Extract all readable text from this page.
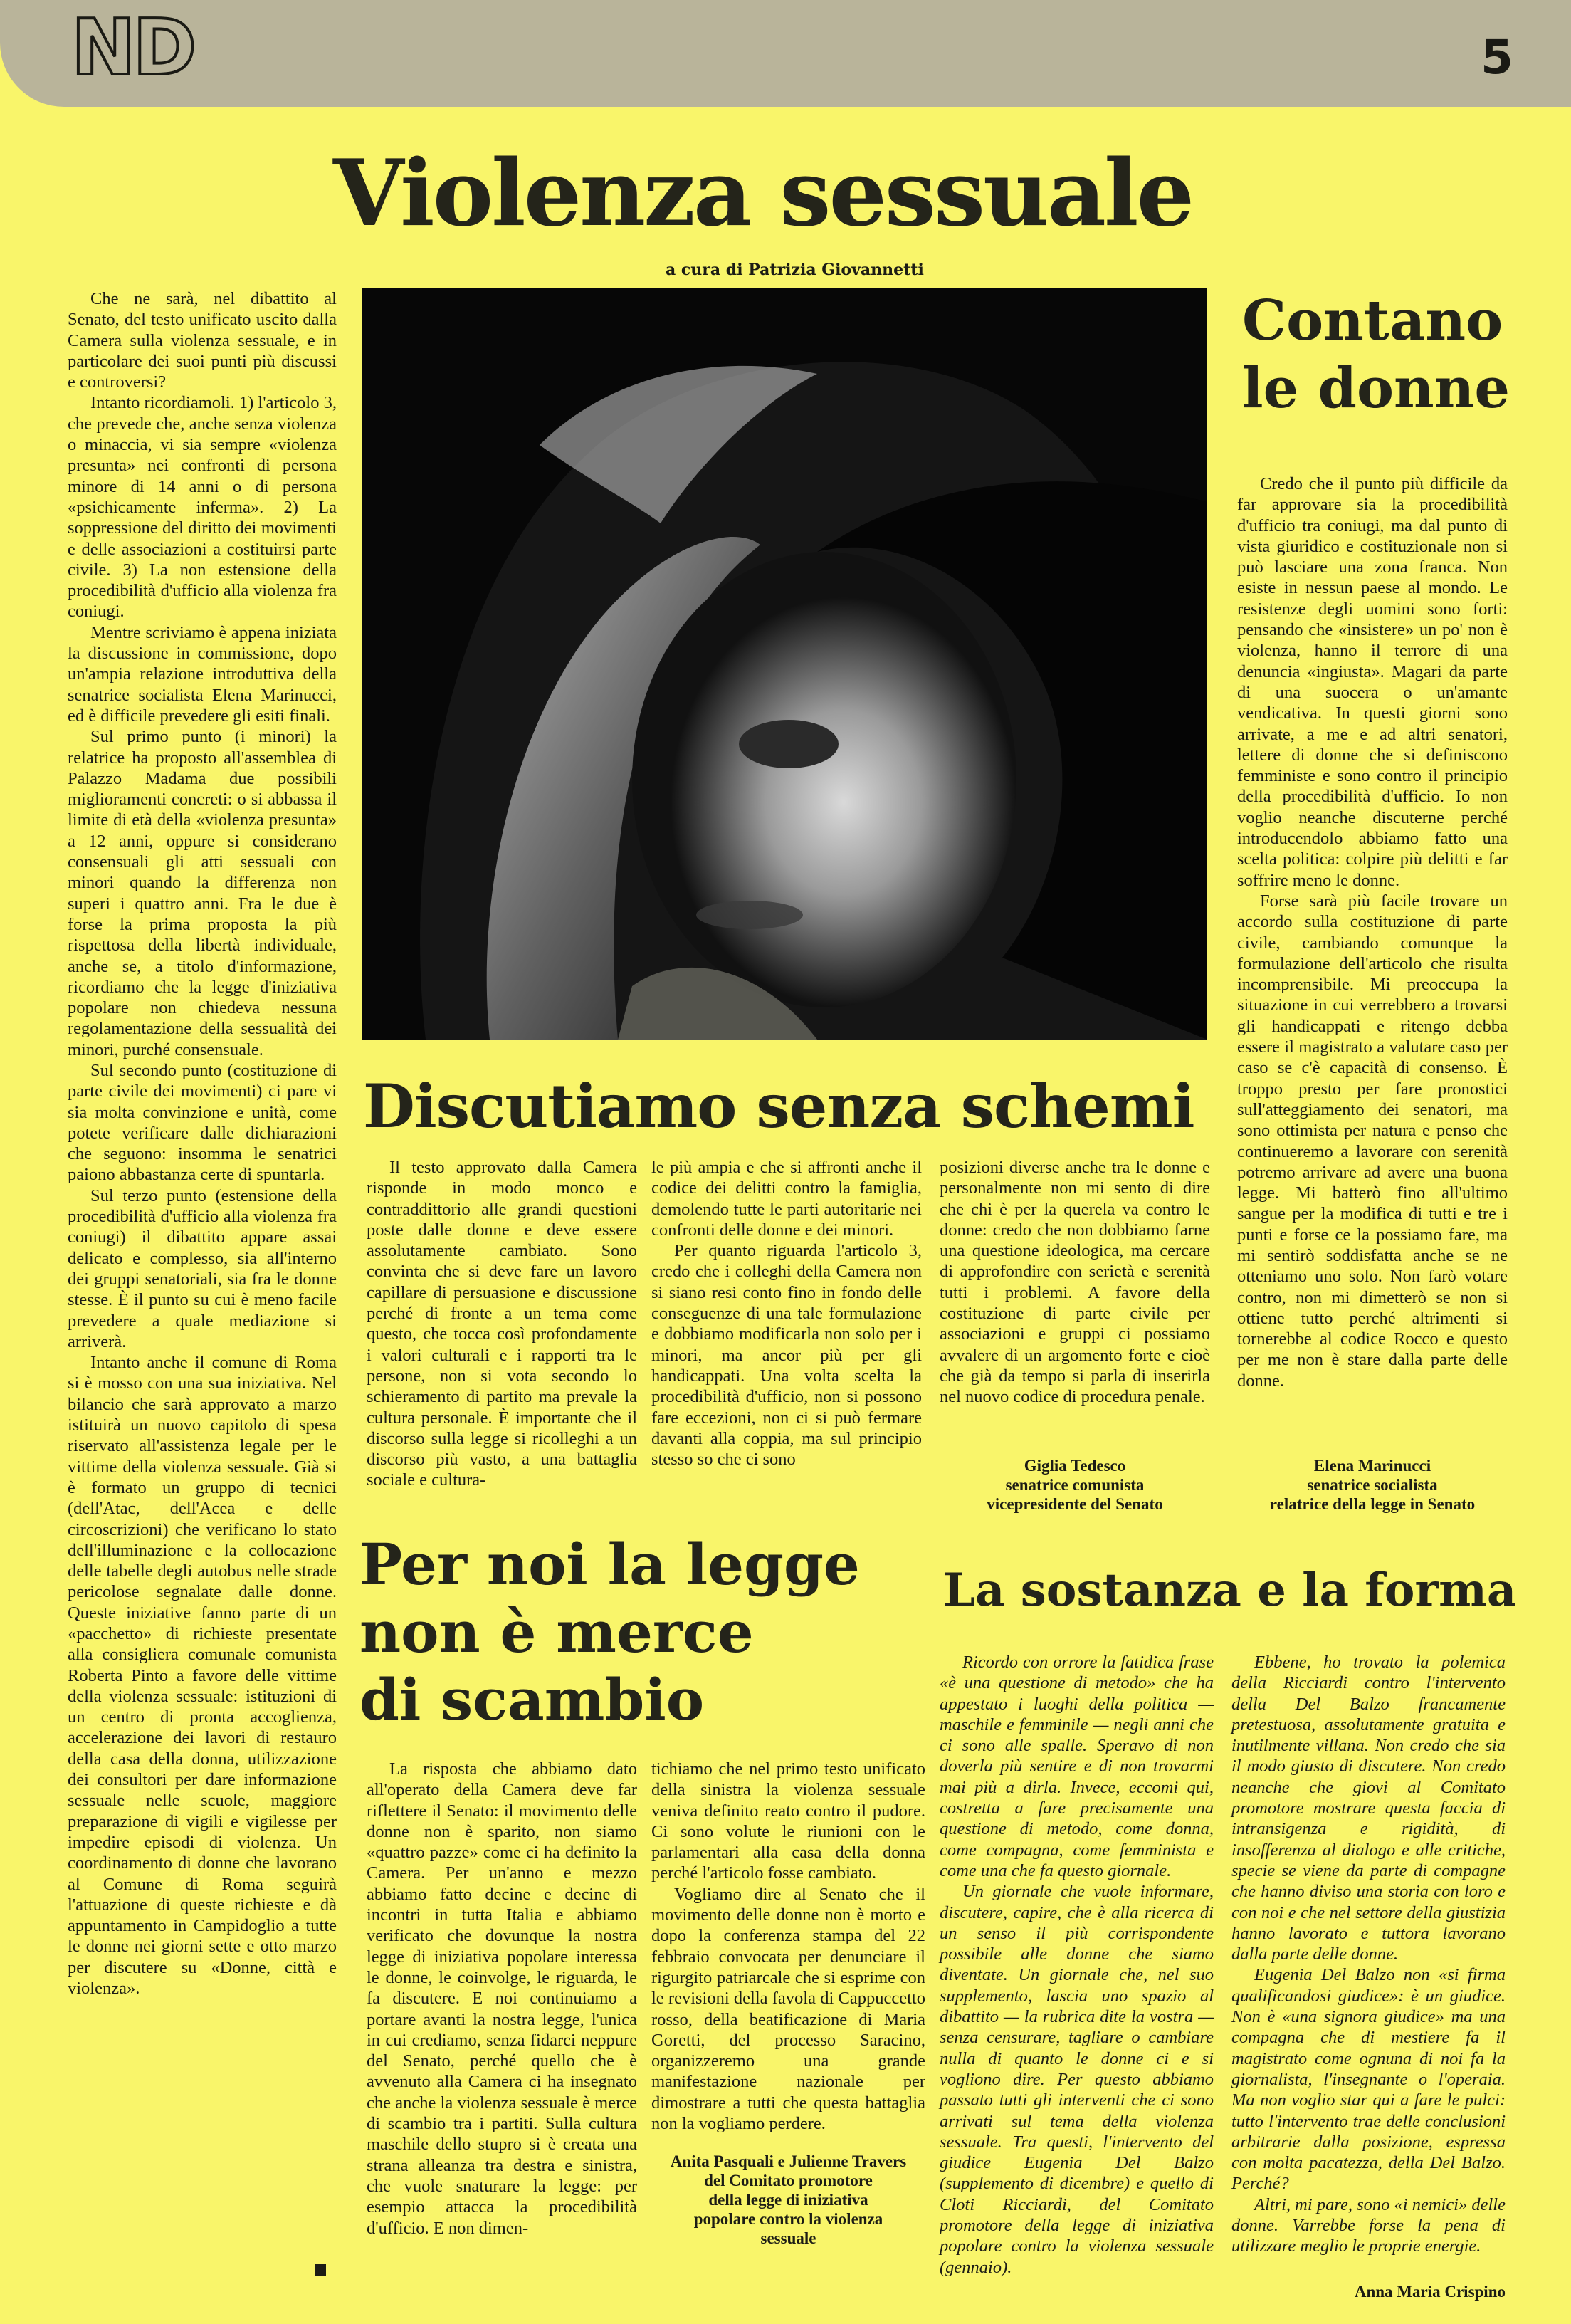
ND	5
Violenza sessuale
a cura di Patrizia Giovannetti

Che ne sarà, nel dibattito al Senato, del testo unificato uscito dalla Camera sulla violenza sessuale, e in particolare dei suoi punti più discussi e controversi?

Intanto ricordiamoli. 1) l'articolo 3, che prevede che, anche senza violenza o minaccia, vi sia sempre «violenza presunta» nei confronti di persona minore di 14 anni o di persona «psichicamente inferma». 2) La soppressione del diritto dei movimenti e delle associazioni a costituirsi parte civile. 3) La non estensione della procedibilità d'ufficio alla violenza fra coniugi.

Mentre scriviamo è appena iniziata la discussione in commissione, dopo un'ampia relazione introduttiva della senatrice socialista Elena Marinucci, ed è difficile prevedere gli esiti finali.

Sul primo punto (i minori) la relatrice ha proposto all'assemblea di Palazzo Madama due possibili miglioramenti concreti: o si abbassa il limite di età della «violenza presunta» a 12 anni, oppure si considerano consensuali gli atti sessuali con minori quando la differenza non superi i quattro anni. Fra le due è forse la prima proposta la più rispettosa della libertà individuale, anche se, a titolo d'informazione, ricordiamo che la legge d'iniziativa popolare non chiedeva nessuna regolamentazione della sessualità dei minori, purché consensuale.

Sul secondo punto (costituzione di parte civile dei movimenti) ci pare vi sia molta convinzione e unità, come potete verificare dalle dichiarazioni che seguono: insomma le senatrici paiono abbastanza certe di spuntarla.

Sul terzo punto (estensione della procedibilità d'ufficio alla violenza fra coniugi) il dibattito appare assai delicato e complesso, sia all'interno dei gruppi senatoriali, sia fra le donne stesse. È il punto su cui è meno facile prevedere a quale mediazione si arriverà.

Intanto anche il comune di Roma si è mosso con una sua iniziativa. Nel bilancio che sarà approvato a marzo istituirà un nuovo capitolo di spesa riservato all'assistenza legale per le vittime della violenza sessuale. Già si è formato un gruppo di tecnici (dell'Atac, dell'Acea e delle circoscrizioni) che verificano lo stato dell'illuminazione e la collocazione delle tabelle degli autobus nelle strade pericolose segnalate dalle donne. Queste iniziative fanno parte di un «pacchetto» di richieste presentate alla consigliera comunale comunista Roberta Pinto a favore delle vittime della violenza sessuale: istituzioni di un centro di pronta accoglienza, accelerazione dei lavori di restauro della casa della donna, utilizzazione dei consultori per dare informazione sessuale nelle scuole, maggiore preparazione di vigili e vigilesse per impedire episodi di violenza. Un coordinamento di donne che lavorano al Comune di Roma seguirà l'attuazione di queste richieste e dà appuntamento in Campidoglio a tutte le donne nei giorni sette e otto marzo per discutere su «Donne, città e violenza».

Contano
le donne

Credo che il punto più difficile da far approvare sia la procedibilità d'ufficio tra coniugi, ma dal punto di vista giuridico e costituzionale non si può lasciare una zona franca. Non esiste in nessun paese al mondo. Le resistenze degli uomini sono forti: pensando che «insistere» un po' non è violenza, hanno il terrore di una denuncia «ingiusta». Magari da parte di una suocera o un'amante vendicativa. In questi giorni sono arrivate, a me e ad altri senatori, lettere di donne che si definiscono femministe e sono contro il principio della procedibilità d'ufficio. Io non voglio neanche discuterne perché introducendolo abbiamo fatto una scelta politica: colpire più delitti e far soffrire meno le donne.

Forse sarà più facile trovare un accordo sulla costituzione di parte civile, cambiando comunque la formulazione dell'articolo che risulta incomprensibile. Mi preoccupa la situazione in cui verrebbero a trovarsi gli handicappati e ritengo debba essere il magistrato a valutare caso per caso se c'è capacità di consenso. È troppo presto per fare pronostici sull'atteggiamento dei senatori, ma sono ottimista per natura e penso che continueremo a lavorare con serenità potremo arrivare ad avere una buona legge. Mi batterò fino all'ultimo sangue per la modifica di tutti e tre i punti e forse ce la possiamo fare, ma mi sentirò soddisfatta anche se ne otteniamo uno solo. Non farò votare contro, non mi dimetterò se non si ottiene tutto perché altrimenti si tornerebbe al codice Rocco e questo per me non è stare dalla parte delle donne.

Elena Marinucci
senatrice socialista
relatrice della legge in Senato
Discutiamo senza schemi

Il testo approvato dalla Camera risponde in modo monco e contraddittorio alle grandi questioni poste dalle donne e deve essere assolutamente cambiato. Sono convinta che si deve fare un lavoro capillare di persuasione e discussione perché di fronte a un tema come questo, che tocca così profondamente i valori culturali e i rapporti tra le persone, non si vota secondo lo schieramento di partito ma prevale la cultura personale. È importante che il discorso sulla legge si ricolleghi a un discorso più vasto, a una battaglia sociale e cultura-

le più ampia e che si affronti anche il codice dei delitti contro la famiglia, demolendo tutte le parti autoritarie nei confronti delle donne e dei minori.

Per quanto riguarda l'articolo 3, credo che i colleghi della Camera non si siano resi conto fino in fondo delle conseguenze di una tale formulazione e dobbiamo modificarla non solo per i minori, ma ancor più per gli handicappati. Una volta scelta la procedibilità d'ufficio, non si possono fare eccezioni, non ci si può fermare davanti alla coppia, ma sul principio stesso so che ci sono

posizioni diverse anche tra le donne e personalmente non mi sento di dire che chi è per la querela va contro le donne: credo che non dobbiamo farne una questione ideologica, ma cercare di approfondire con serietà e serenità tutti i problemi. A favore della costituzione di parte civile per associazioni e gruppi ci possiamo avvalere di un argomento forte e cioè che già da tempo si parla di inserirla nel nuovo codice di procedura penale.

Giglia Tedesco
senatrice comunista
vicepresidente del Senato
Per noi la legge
non è merce
di scambio

La risposta che abbiamo dato all'operato della Camera deve far riflettere il Senato: il movimento delle donne non è sparito, non siamo «quattro pazze» come ci ha definito la Camera. Per un'anno e mezzo abbiamo fatto decine e decine di incontri in tutta Italia e abbiamo verificato che dovunque la nostra legge di iniziativa popolare interessa le donne, le coinvolge, le riguarda, le fa discutere. E noi continuiamo a portare avanti la nostra legge, l'unica in cui crediamo, senza fidarci neppure del Senato, perché quello che è avvenuto alla Camera ci ha insegnato che anche la violenza sessuale è merce di scambio tra i partiti. Sulla cultura maschile dello stupro si è creata una strana alleanza tra destra e sinistra, che vuole snaturare la legge: per esempio attacca la procedibilità d'ufficio. E non dimen-

tichiamo che nel primo testo unificato della sinistra la violenza sessuale veniva definito reato contro il pudore. Ci sono volute le riunioni con le parlamentari alla casa della donna perché l'articolo fosse cambiato.

Vogliamo dire al Senato che il movimento delle donne non è morto e dopo la conferenza stampa del 22 febbraio convocata per denunciare il rigurgito patriarcale che si esprime con le revisioni della favola di Cappuccetto rosso, della beatificazione di Maria Goretti, del processo Saracino, organizzeremo una grande manifestazione nazionale per dimostrare a tutti che questa battaglia non la vogliamo perdere.

Anita Pasquali e Julienne Travers
del Comitato promotore
della legge di iniziativa
popolare contro la violenza
sessuale
La sostanza e la forma

Ricordo con orrore la fatidica frase «è una questione di metodo» che ha appestato i luoghi della politica — maschile e femminile — negli anni che ci sono alle spalle. Speravo di non doverla più sentire e di non trovarmi mai più a dirla. Invece, eccomi qui, costretta a fare precisamente una questione di metodo, come donna, come compagna, come femminista e come una che fa questo giornale.

Un giornale che vuole informare, discutere, capire, che è alla ricerca di un senso il più corrispondente possibile alle donne che siamo diventate. Un giornale che, nel suo supplemento, lascia uno spazio al dibattito — la rubrica dite la vostra — senza censurare, tagliare o cambiare nulla di quanto le donne ci e si vogliono dire. Per questo abbiamo passato tutti gli interventi che ci sono arrivati sul tema della violenza sessuale. Tra questi, l'intervento del giudice Eugenia Del Balzo (supplemento di dicembre) e quello di Cloti Ricciardi, del Comitato promotore della legge di iniziativa popolare contro la violenza sessuale (gennaio).

Ebbene, ho trovato la polemica della Ricciardi contro l'intervento della Del Balzo francamente pretestuosa, assolutamente gratuita e inutilmente villana. Non credo che sia il modo giusto di discutere. Non credo neanche che giovi al Comitato promotore mostrare questa faccia di intransigenza e rigidità, di insofferenza al dialogo e alle critiche, specie se viene da parte di compagne che hanno diviso una storia con loro e con noi e che nel settore della giustizia hanno lavorato e tuttora lavorano dalla parte delle donne.

Eugenia Del Balzo non «si firma qualificandosi giudice»: è un giudice. Non è «una signora giudice» ma una compagna che di mestiere fa il magistrato come ognuna di noi fa la giornalista, l'insegnante o l'operaia. Ma non voglio star qui a fare le pulci: tutto l'intervento trae delle conclusioni arbitrarie dalla posizione, espressa con molta pacatezza, della Del Balzo. Perché?

Altri, mi pare, sono «i nemici» delle donne. Varrebbe forse la pena di utilizzare meglio le proprie energie.

Anna Maria Crispino
